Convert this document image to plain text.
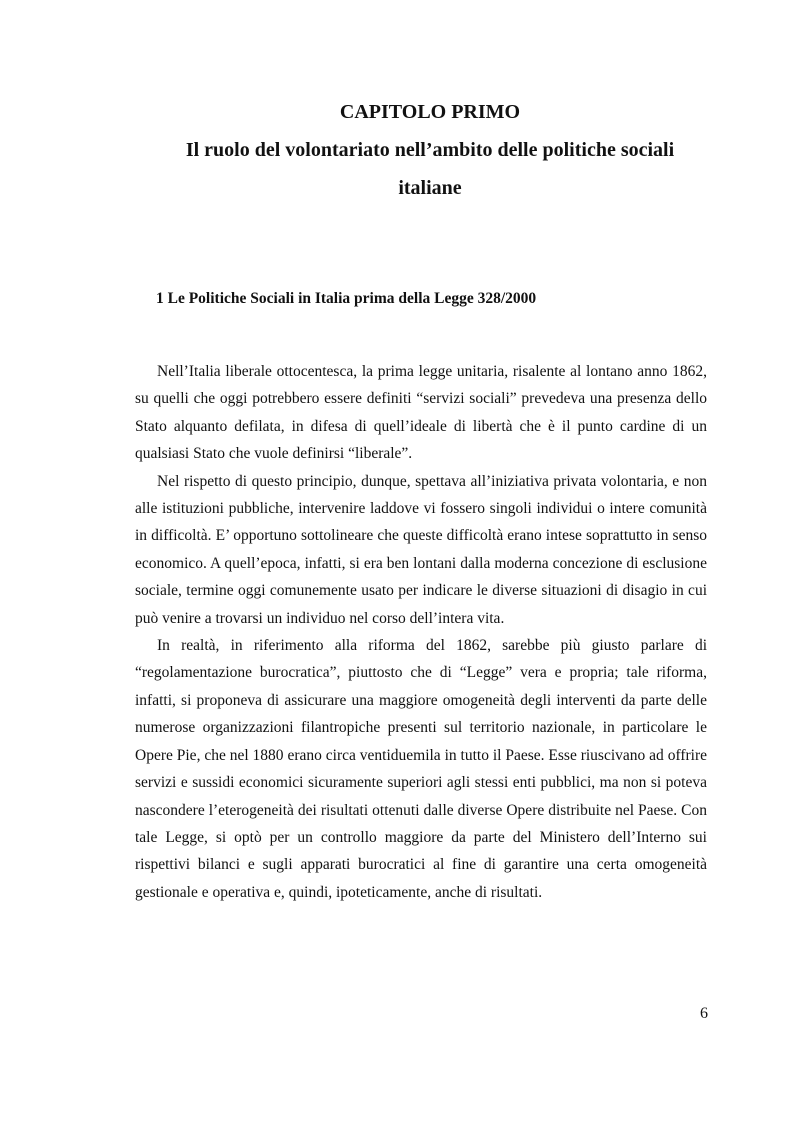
CAPITOLO PRIMO
Il ruolo del volontariato nell’ambito delle politiche sociali
italiane
1 Le Politiche Sociali in Italia prima della Legge 328/2000

Nell’Italia liberale ottocentesca, la prima legge unitaria, risalente al lontano anno 1862, su quelli che oggi potrebbero essere definiti “servizi sociali” prevedeva una presenza dello Stato alquanto defilata, in difesa di quell’ideale di libertà che è il punto cardine di un qualsiasi Stato che vuole definirsi “liberale”.

Nel rispetto di questo principio, dunque, spettava all’iniziativa privata volontaria, e non alle istituzioni pubbliche, intervenire laddove vi fossero singoli individui o intere comunità in difficoltà. E’ opportuno sottolineare che queste difficoltà erano intese soprattutto in senso economico. A quell’epoca, infatti, si era ben lontani dalla moderna concezione di esclusione sociale, termine oggi comunemente usato per indicare le diverse situazioni di disagio in cui può venire a trovarsi un individuo nel corso dell’intera vita.

In realtà, in riferimento alla riforma del 1862, sarebbe più giusto parlare di “regolamentazione burocratica”, piuttosto che di “Legge” vera e propria; tale riforma, infatti, si proponeva di assicurare una maggiore omogeneità degli interventi da parte delle numerose organizzazioni filantropiche presenti sul territorio nazionale, in particolare le Opere Pie, che nel 1880 erano circa ventiduemila in tutto il Paese. Esse riuscivano ad offrire servizi e sussidi economici sicuramente superiori agli stessi enti pubblici, ma non si poteva nascondere l’eterogeneità dei risultati ottenuti dalle diverse Opere distribuite nel Paese. Con tale Legge, si optò per un controllo maggiore da parte del Ministero dell’Interno sui rispettivi bilanci e sugli apparati burocratici al fine di garantire una certa omogeneità gestionale e operativa e, quindi, ipoteticamente, anche di risultati.

6
